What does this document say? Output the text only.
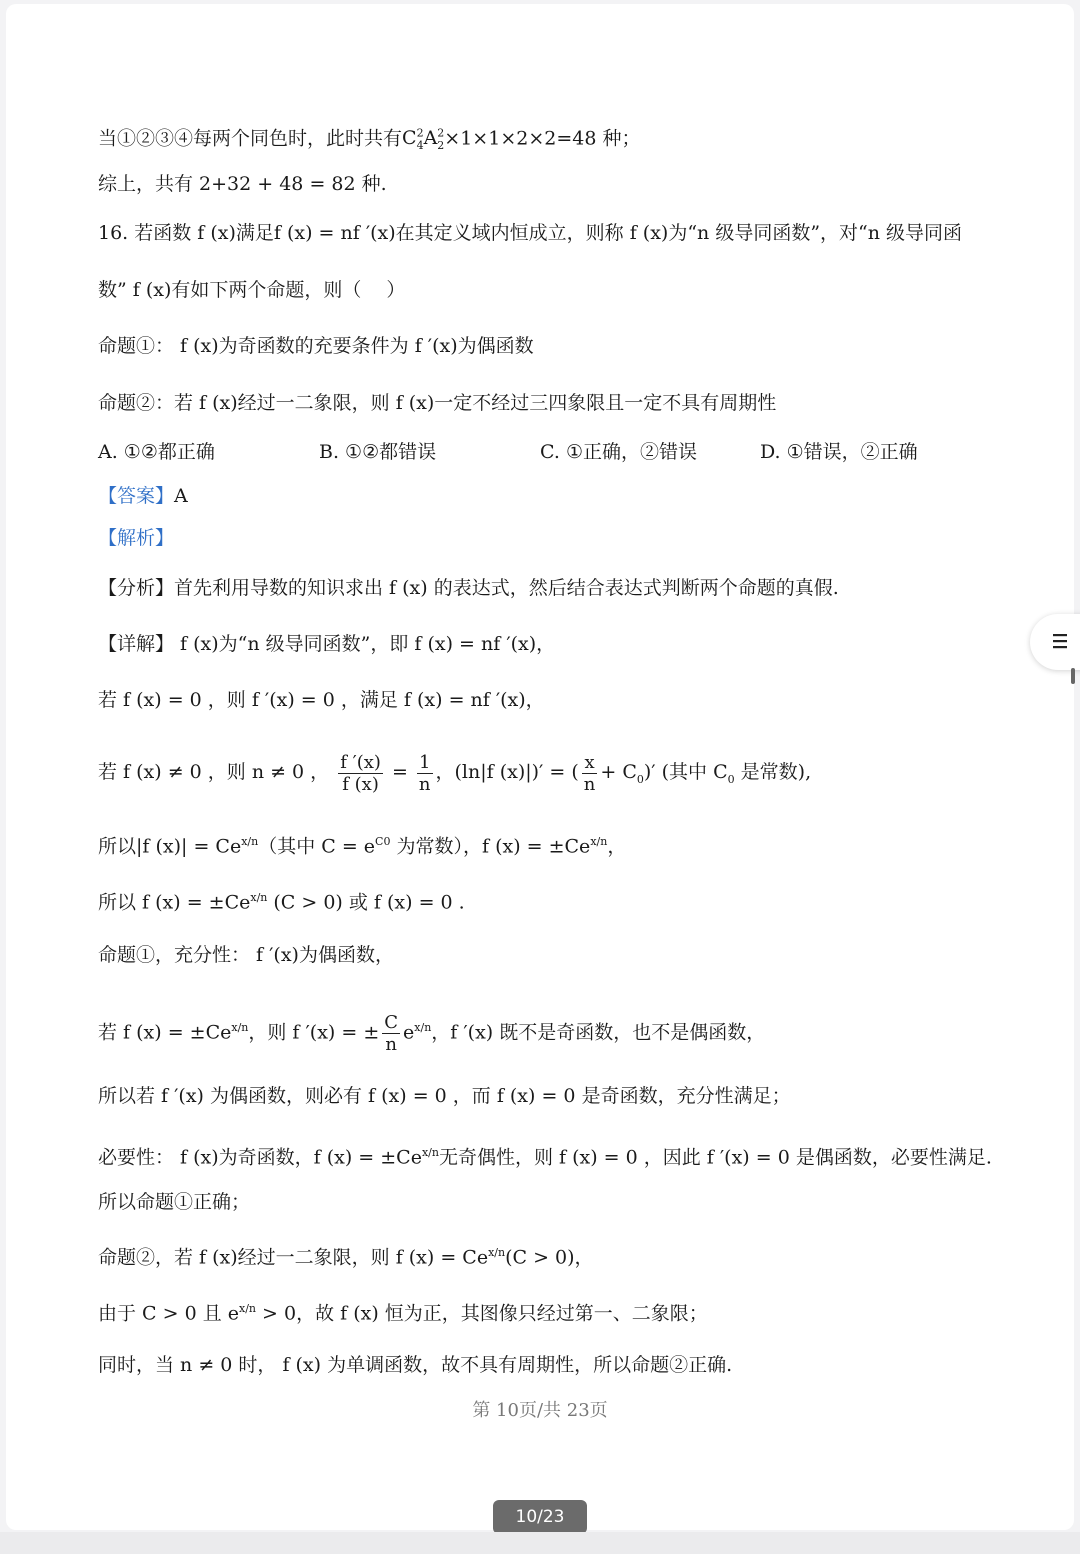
当①②③④每两个同色时，此时共有$C^2_4A^2_2\times 1\times 1\times 2\times 2=48$ 种；
综上，共有 2+32 + 48 = 82 种.
16. 若函数 f (x)满足f (x) = nf ′(x)在其定义域内恒成立，则称 f (x)为“n 级导同函数”，对“n 级导同函
数” f (x)有如下两个命题，则（　 ）
命题①： f (x)为奇函数的充要条件为 f ′(x)为偶函数
命题②：若 f (x)经过一二象限，则 f (x)一定不经过三四象限且一定不具有周期性
A. ①②都正确	B. ①②都错误	C. ①正确，②错误	D. ①错误，②正确
【答案】A
【解析】
【分析】首先利用导数的知识求出 f (x) 的表达式，然后结合表达式判断两个命题的真假.
【详解】 f (x)为“n 级导同函数”，即 f (x) = nf ′(x)，
若 f (x) = 0 ，则 f ′(x) = 0 ，满足 f (x) = nf ′(x)，
若 f (x) ≠ 0 ，则 n ≠ 0 ， $\frac{f '(x)}{f (x)} = \frac{1}{n}$ ，(ln|f (x)|)′ = ( $\frac{x}{n} + C_0)'$ (其中 $C_0$ 是常数),
所以|f $(x)| = Ce^{x/n}$（其中 $C = e^{C0}$ 为常数），f $(x) = \pm Ce^{x/n}$，
所以 f $(x) = \pm Ce^{x/n}$ (C > 0) 或 f (x) = 0 .
命题①，充分性： f ′(x)为偶函数，
若 f $(x) = \pm Ce^{x/n}$，则 f ′(x) = ± $\frac{C}{n} e^{x/n}$，f ′(x) 既不是奇函数，也不是偶函数，
所以若 f ′(x) 为偶函数，则必有 f (x) = 0 ，而 f (x) = 0 是奇函数，充分性满足；
必要性： f (x)为奇函数，f $(x) = \pm Ce^{x/n}$无奇偶性，则 f (x) = 0 ，因此 f ′(x) = 0 是偶函数，必要性满足.
所以命题①正确；
命题②，若 f (x)经过一二象限，则 f $(x) = Ce^{x/n}(C > 0)$，
由于 C > 0 且 $e^{x/n} > 0$，故 f (x) 恒为正，其图像只经过第一、二象限；
同时，当 n ≠ 0 时， f (x) 为单调函数，故不具有周期性，所以命题②正确.
第 10页/共 23页
10/23
